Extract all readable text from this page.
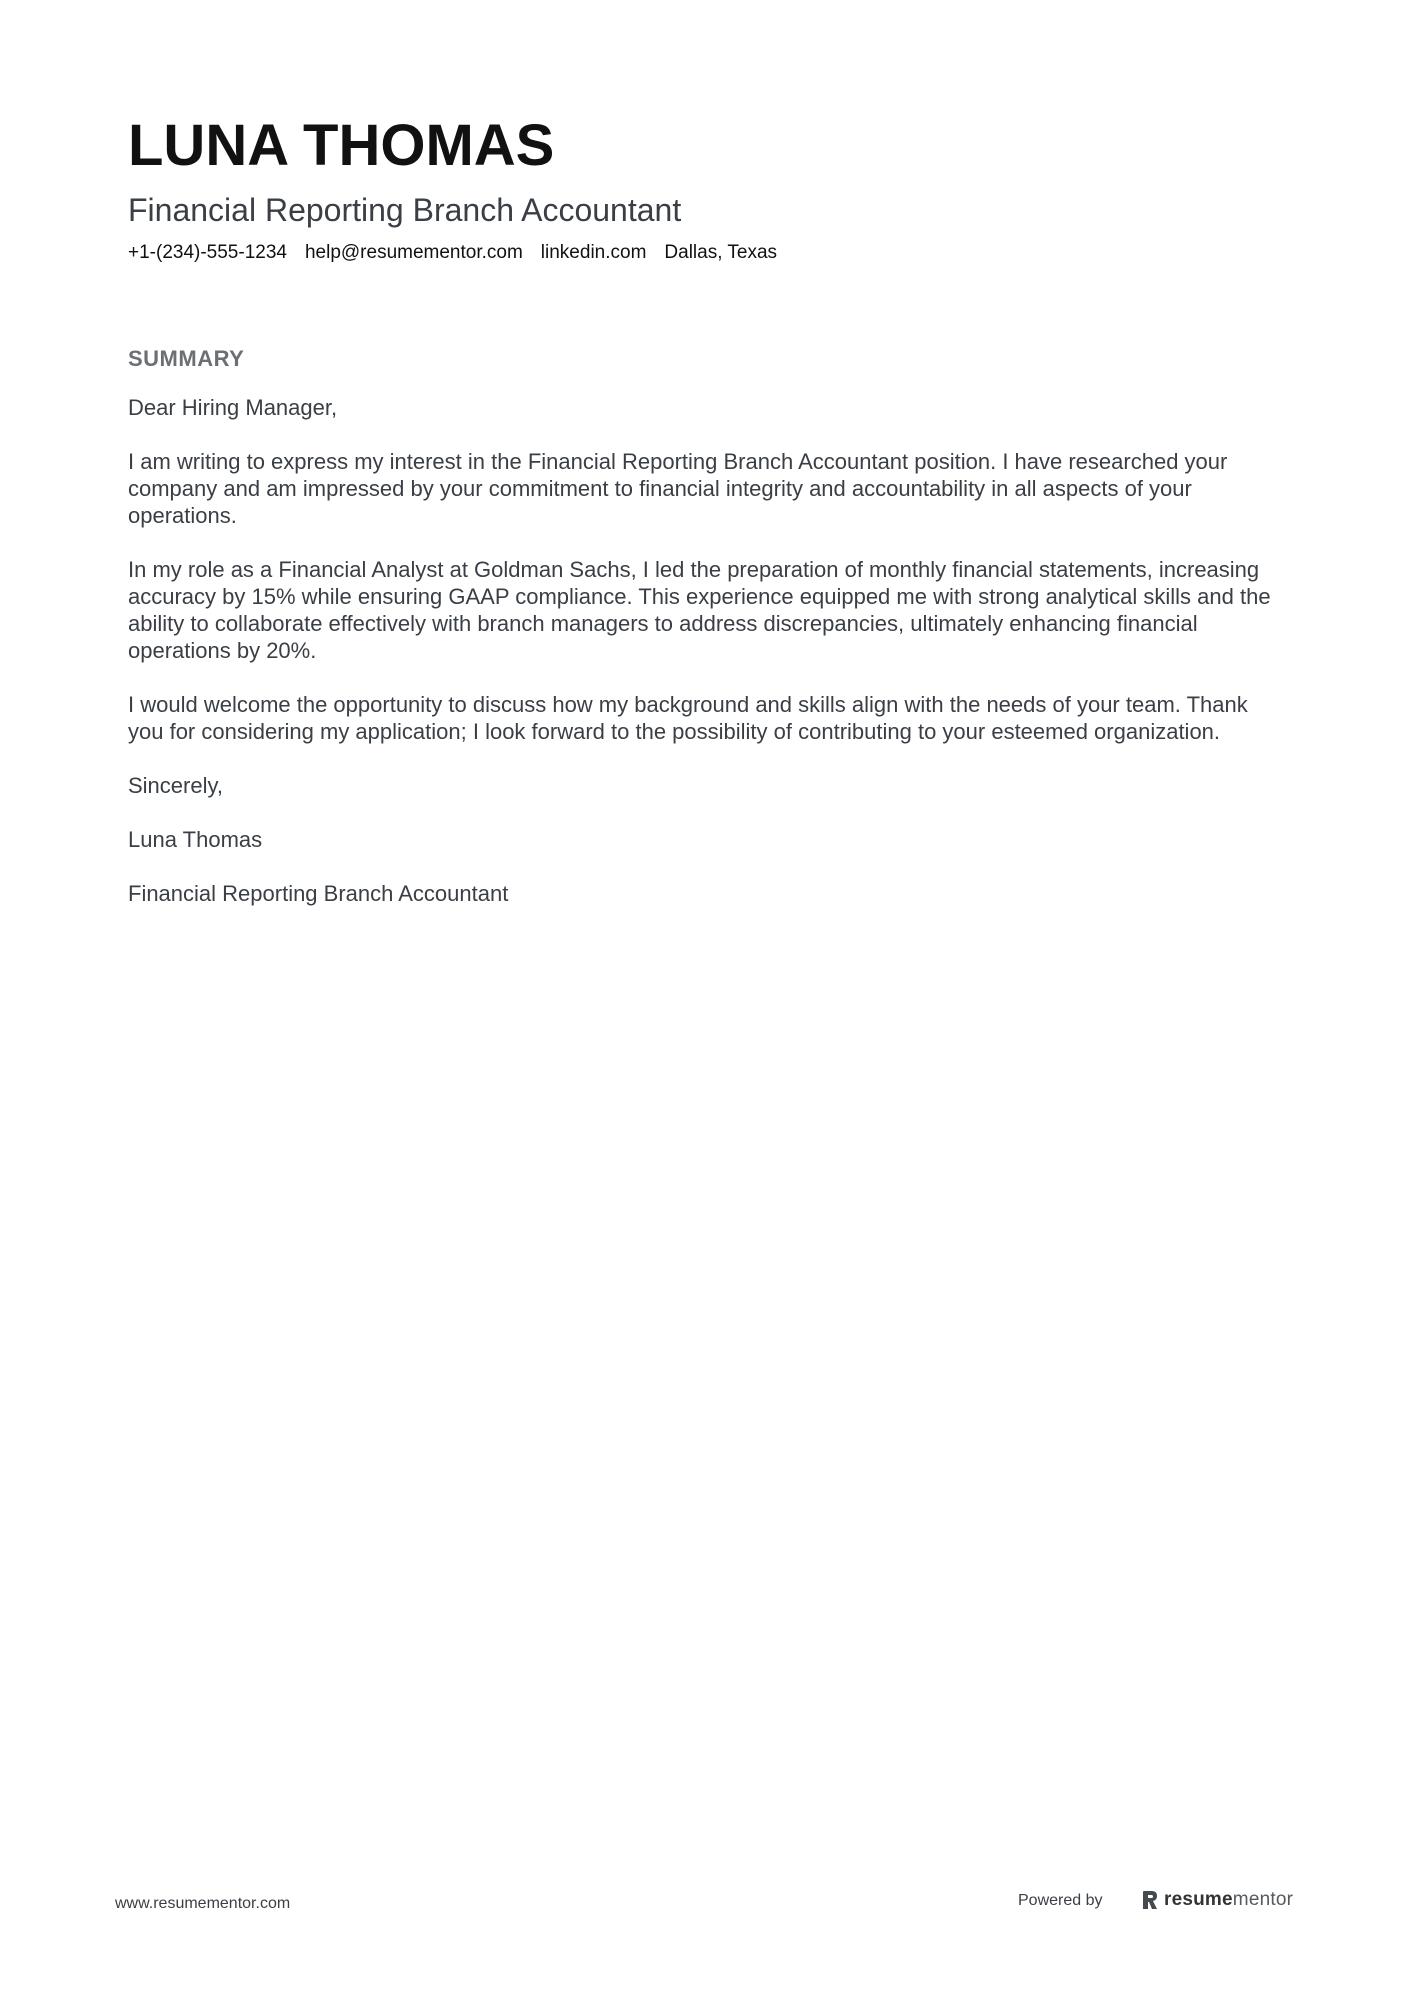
LUNA THOMAS
Financial Reporting Branch Accountant
+1-(234)-555-1234 help@resumementor.com linkedin.com Dallas, Texas
SUMMARY

Dear Hiring Manager,

I am writing to express my interest in the Financial Reporting Branch Accountant position. I have researched your company and am impressed by your commitment to financial integrity and accountability in all aspects of your operations.

In my role as a Financial Analyst at Goldman Sachs, I led the preparation of monthly financial statements, increasing accuracy by 15% while ensuring GAAP compliance. This experience equipped me with strong analytical skills and the ability to collaborate effectively with branch managers to address discrepancies, ultimately enhancing financial operations by 20%.

I would welcome the opportunity to discuss how my background and skills align with the needs of your team. Thank you for considering my application; I look forward to the possibility of contributing to your esteemed organization.

Sincerely,

Luna Thomas

Financial Reporting Branch Accountant

www.resumementor.com	Powered by	resumementor
